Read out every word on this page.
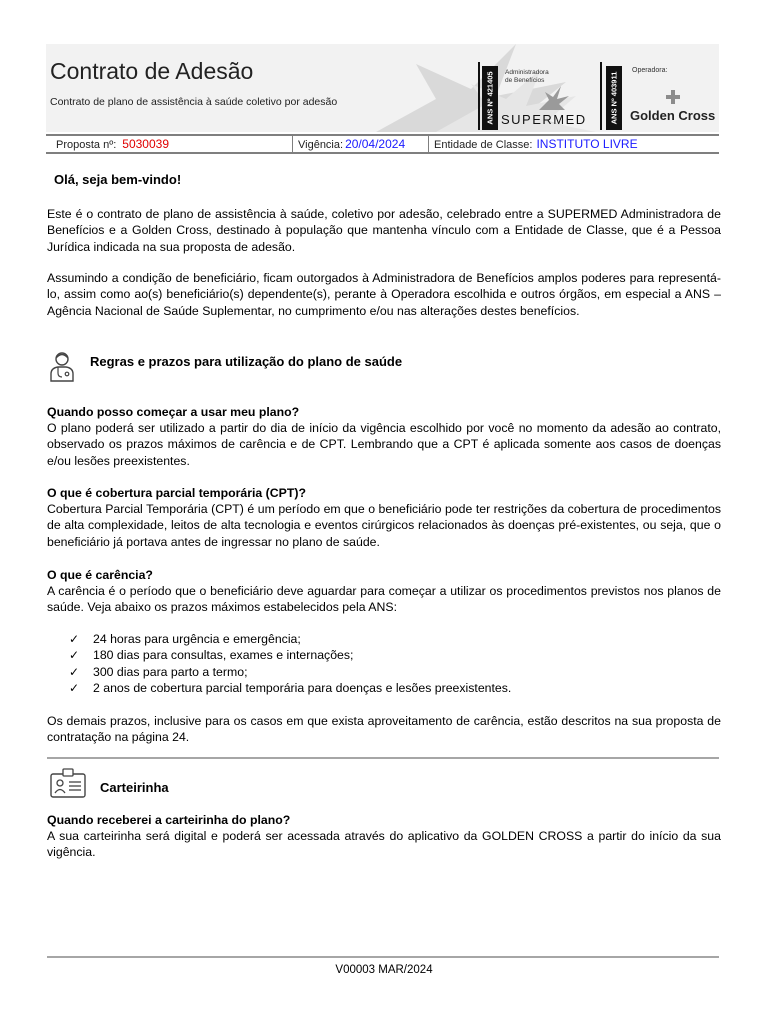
Contrato de Adesão
Contrato de plano de assistência à saúde coletivo por adesão	ANS Nº 421405 Administradora
de Benefícios
SUPERMED	ANS Nº 403911
Operadora:
Golden Cross
Proposta nº: 5030039	Vigência: 20/04/2024	Entidade de Classe: INSTITUTO LIVRE
Olá, seja bem-vindo!
Este é o contrato de plano de assistência à saúde, coletivo por adesão, celebrado entre a SUPERMED Administradora de Benefícios e a Golden Cross, destinado à população que mantenha vínculo com a Entidade de Classe, que é a Pessoa Jurídica indicada na sua proposta de adesão.
Assumindo a condição de beneficiário, ficam outorgados à Administradora de Benefícios amplos poderes para representá-lo, assim como ao(s) beneficiário(s) dependente(s), perante à Operadora escolhida e outros órgãos, em especial a ANS – Agência Nacional de Saúde Suplementar, no cumprimento e/ou nas alterações destes benefícios.
Regras e prazos para utilização do plano de saúde
Quando posso começar a usar meu plano?
O plano poderá ser utilizado a partir do dia de início da vigência escolhido por você no momento da adesão ao contrato, observado os prazos máximos de carência e de CPT. Lembrando que a CPT é aplicada somente aos casos de doenças e/ou lesões preexistentes.
O que é cobertura parcial temporária (CPT)?
Cobertura Parcial Temporária (CPT) é um período em que o beneficiário pode ter restrições da cobertura de procedimentos de alta complexidade, leitos de alta tecnologia e eventos cirúrgicos relacionados às doenças pré-existentes, ou seja, que o beneficiário já portava antes de ingressar no plano de saúde.
O que é carência?
A carência é o período que o beneficiário deve aguardar para começar a utilizar os procedimentos previstos nos planos de saúde. Veja abaixo os prazos máximos estabelecidos pela ANS:
✓ 24 horas para urgência e emergência;
✓ 180 dias para consultas, exames e internações;
✓ 300 dias para parto a termo;
✓ 2 anos de cobertura parcial temporária para doenças e lesões preexistentes.
Os demais prazos, inclusive para os casos em que exista aproveitamento de carência, estão descritos na sua proposta de contratação na página 24.
Carteirinha
Quando receberei a carteirinha do plano?
A sua carteirinha será digital e poderá ser acessada através do aplicativo da GOLDEN CROSS a partir do início da sua vigência.
V00003 MAR/2024
